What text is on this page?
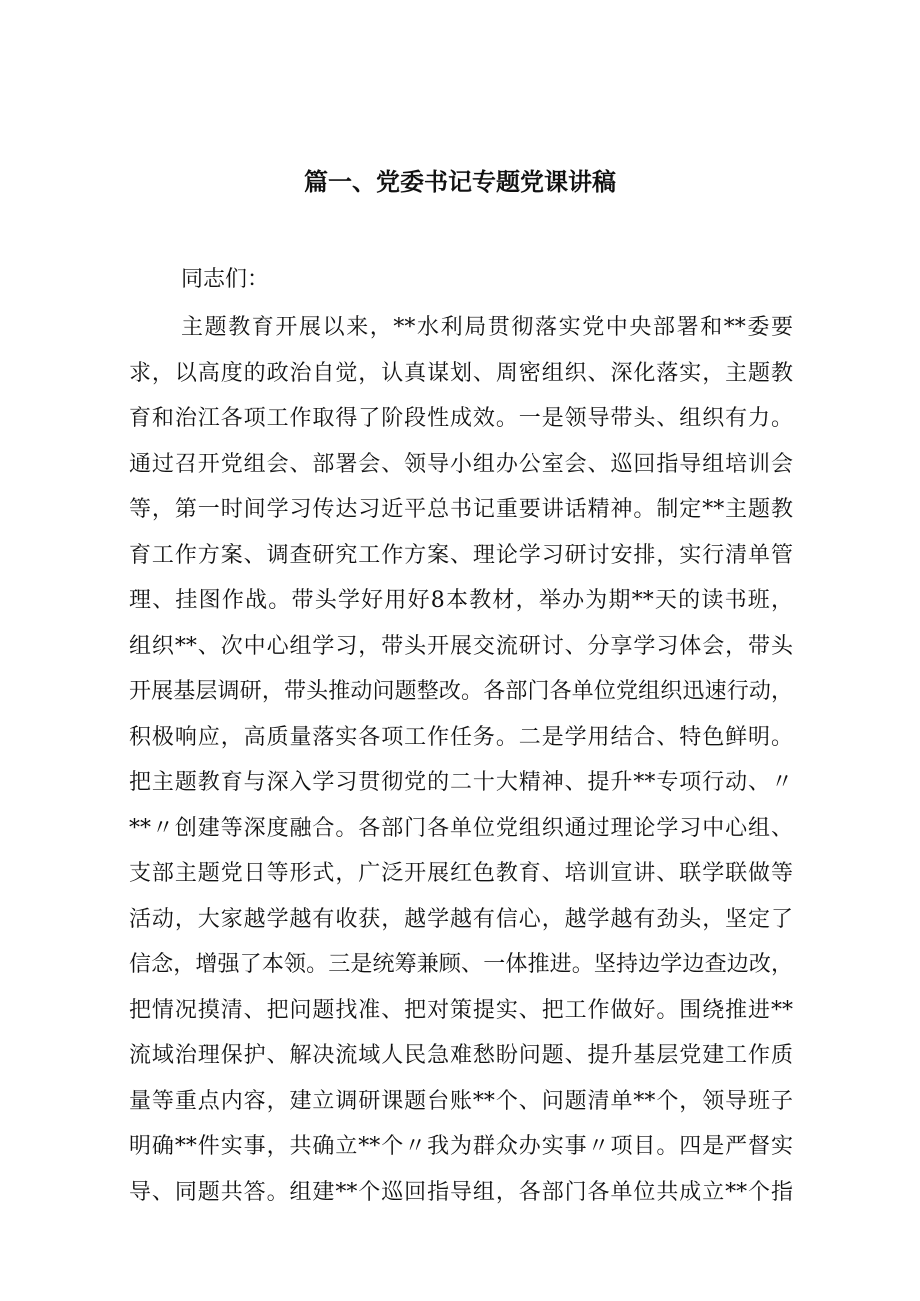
篇一、党委书记专题党课讲稿
同志们：
主题教育开展以来，**水利局贯彻落实党中央部署和**委要
求，以高度的政治自觉，认真谋划、周密组织、深化落实，主题教
育和治江各项工作取得了阶段性成效。一是领导带头、组织有力。
通过召开党组会、部署会、领导小组办公室会、巡回指导组培训会
等，第一时间学习传达习近平总书记重要讲话精神。制定**主题教
育工作方案、调查研究工作方案、理论学习研讨安排，实行清单管
理、挂图作战。带头学好用好8本教材，举办为期**天的读书班，
组织**、次中心组学习，带头开展交流研讨、分享学习体会，带头
开展基层调研，带头推动问题整改。各部门各单位党组织迅速行动，
积极响应，高质量落实各项工作任务。二是学用结合、特色鲜明。
把主题教育与深入学习贯彻党的二十大精神、提升**专项行动、〃
**〃创建等深度融合。各部门各单位党组织通过理论学习中心组、
支部主题党日等形式，广泛开展红色教育、培训宣讲、联学联做等
活动，大家越学越有收获，越学越有信心，越学越有劲头，坚定了
信念，增强了本领。三是统筹兼顾、一体推进。坚持边学边查边改，
把情况摸清、把问题找准、把对策提实、把工作做好。围绕推进**
流域治理保护、解决流域人民急难愁盼问题、提升基层党建工作质
量等重点内容，建立调研课题台账**个、问题清单**个，领导班子
明确**件实事，共确立**个〃我为群众办实事〃项目。四是严督实
导、同题共答。组建**个巡回指导组，各部门各单位共成立**个指
